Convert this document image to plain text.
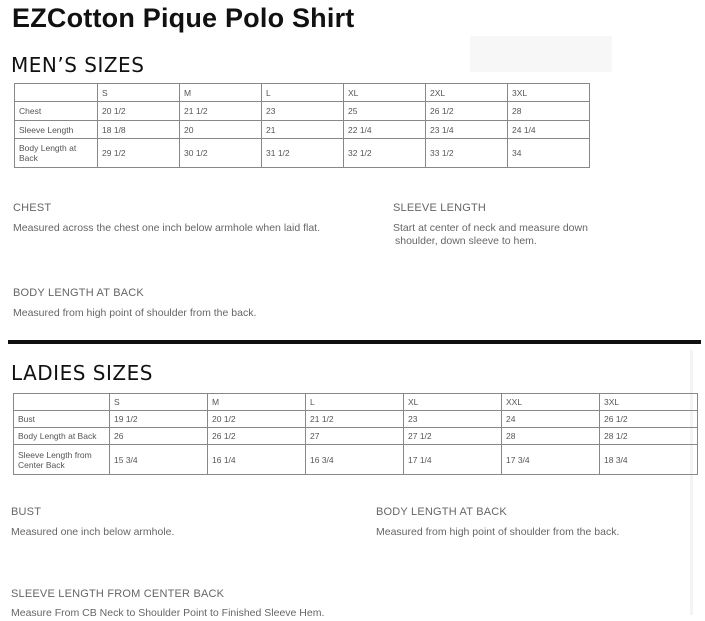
EZCotton Pique Polo Shirt
MEN’S SIZES
	S	M	L	XL	2XL	3XL
Chest	20 1/2	21 1/2	23	25	26 1/2	28
Sleeve Length	18 1/8	20	21	22 1/4	23 1/4	24 1/4
Body Length at
Back	29 1/2	30 1/2	31 1/2	32 1/2	33 1/2	34
CHEST
Measured across the chest one inch below armhole when laid flat.
SLEEVE LENGTH
Start at center of neck and measure down
shoulder, down sleeve to hem.
BODY LENGTH AT BACK
Measured from high point of shoulder from the back.
LADIES SIZES
	S	M	L	XL	XXL	3XL
Bust	19 1/2	20 1/2	21 1/2	23	24	26 1/2
Body Length at Back	26	26 1/2	27	27 1/2	28	28 1/2
Sleeve Length from
Center Back	15 3/4	16 1/4	16 3/4	17 1/4	17 3/4	18 3/4
BUST
Measured one inch below armhole.
BODY LENGTH AT BACK
Measured from high point of shoulder from the back.
SLEEVE LENGTH FROM CENTER BACK
Measure From CB Neck to Shoulder Point to Finished Sleeve Hem.
